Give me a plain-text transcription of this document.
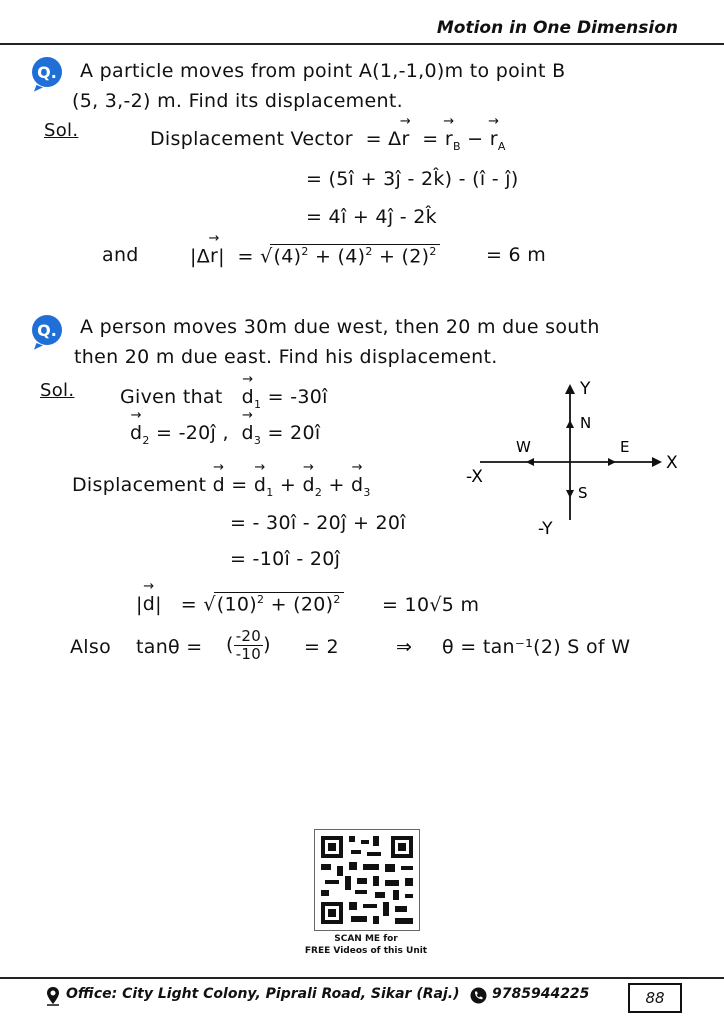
Motion in One Dimension
Q. A particle moves from point A(1,-1,0)m to point B
(5, 3,-2) m. Find its displacement.
Sol.	Displacement Vector  = Δ→ r  = → $r_B$ − → $r_A$
= (5î + 3ĵ - 2k̂) - (î - ĵ)
= 4î + 4ĵ - 2k̂
and	$|\Delta\to r| = √(4)^2 + (4)^2 + (2)^2$	= 6 m
Q. A person moves 30m due west, then 20 m due south
then 20 m due east. Find his displacement.
Sol. Given that → $d_1$ = -30î
→ $d_2$ = -20ĵ , → $d_3$ = 20î
Displacement → d = → $d_1$ + → $d_2$ + → $d_3$
= - 30î - 20ĵ + 20î
= -10î - 20ĵ
|→ $d| = √(10)^2 + (20)^2 = 10√5$ m
Also tanθ = ( $\frac{-20}{-10}$ ) = 2	⇒ θ = tan⁻¹(2) S of W
Y
N
W	E
X
-X
S
-Y
SCAN ME for
FREE Videos of this Unit
Office: City Light Colony, Piprali Road, Sikar (Raj.) 9785944225	88
